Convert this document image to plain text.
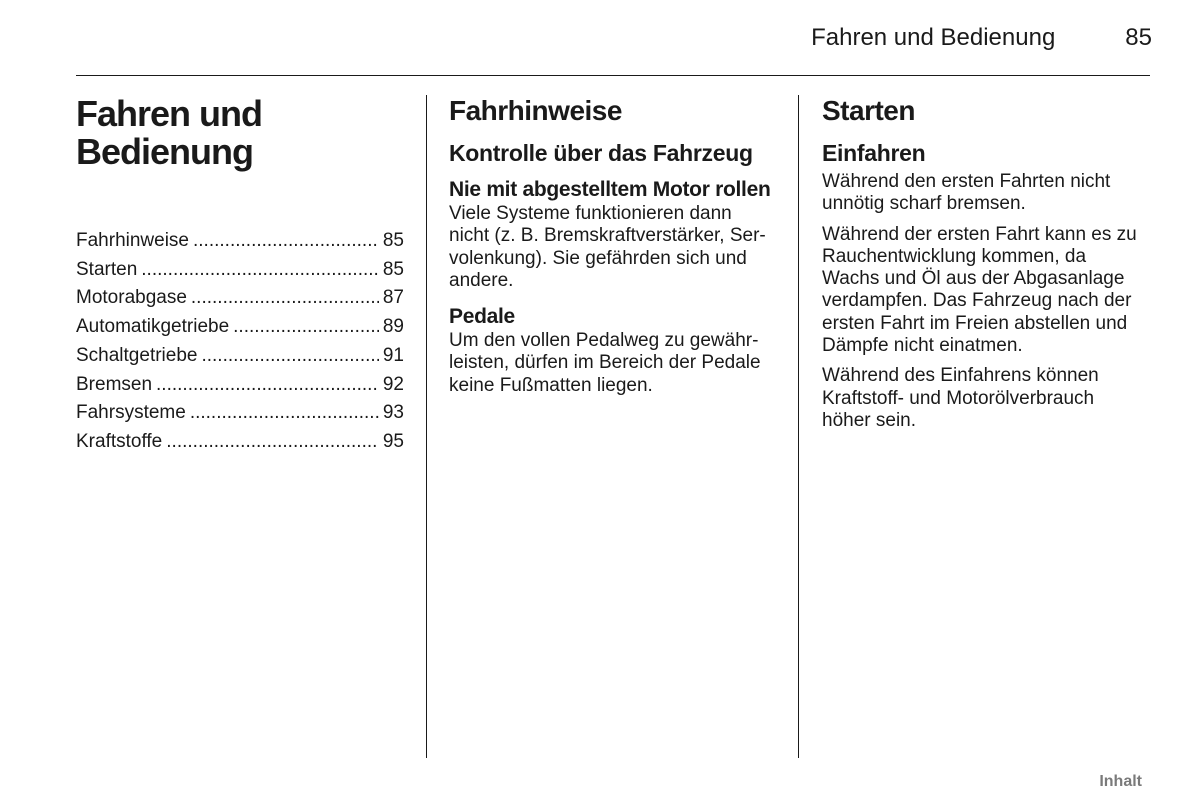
Fahren und Bedienung	85
Fahren und
Bedienung
Fahrhinweise .....	85
Starten .....	85
Motorabgase .....	87
Automatikgetriebe .....	89
Schaltgetriebe .....	91
Bremsen .....	92
Fahrsysteme .....	93
Kraftstoffe .....	95
Fahrhinweise
Kontrolle über das Fahrzeug
Nie mit abgestelltem Motor rollen

Viele Systeme funktionieren dann
nicht (z. B. Bremskraftverstärker, Ser-
volenkung). Sie gefährden sich und
andere.

Pedale

Um den vollen Pedalweg zu gewähr-
leisten, dürfen im Bereich der Pedale
keine Fußmatten liegen.

Starten
Einfahren

Während den ersten Fahrten nicht
unnötig scharf bremsen.

Während der ersten Fahrt kann es zu
Rauchentwicklung kommen, da
Wachs und Öl aus der Abgasanlage
verdampfen. Das Fahrzeug nach der
ersten Fahrt im Freien abstellen und
Dämpfe nicht einatmen.

Während des Einfahrens können
Kraftstoff- und Motorölverbrauch
höher sein.

Inhalt
